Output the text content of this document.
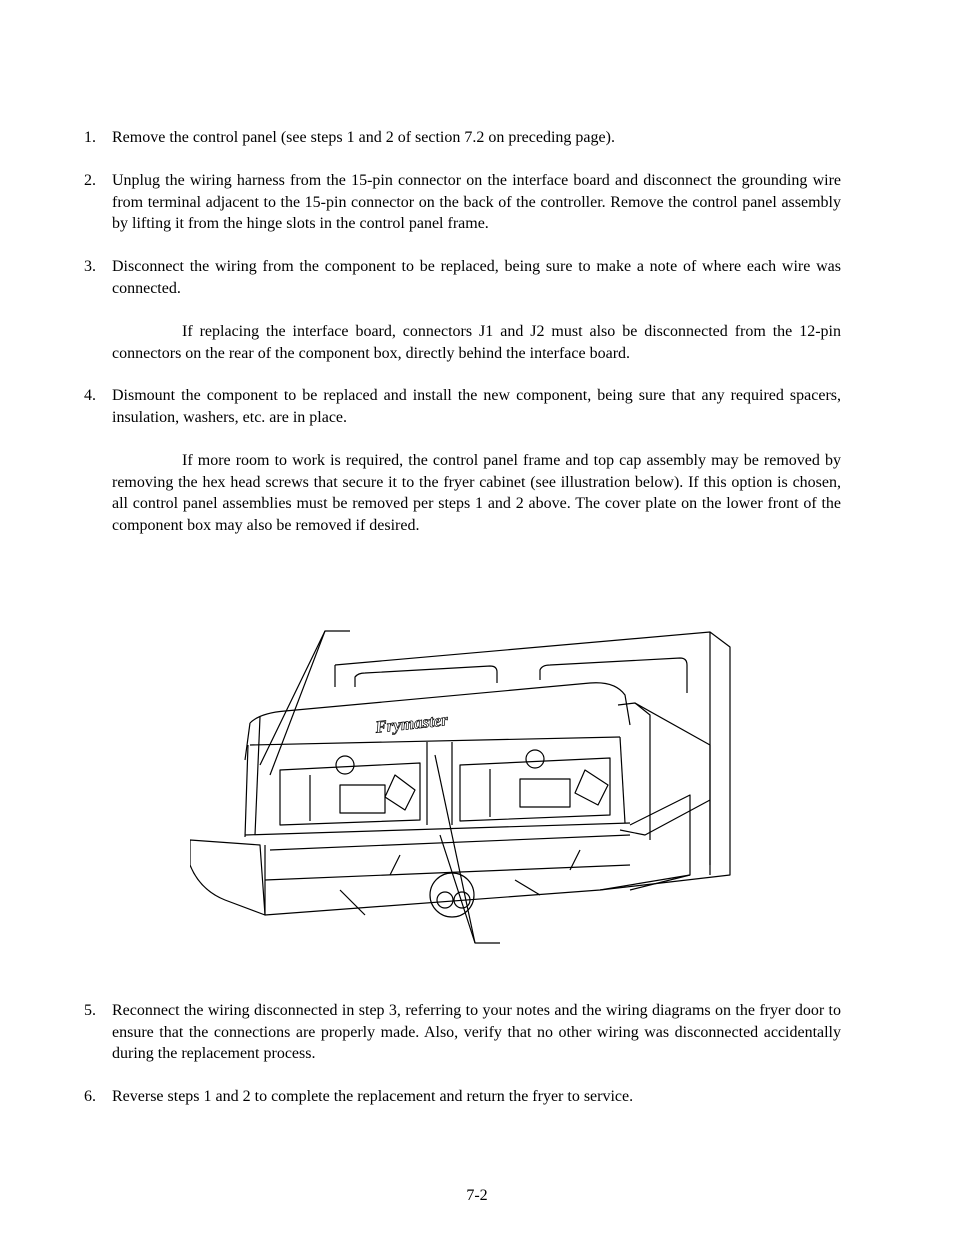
1.	Remove the control panel (see steps 1 and 2 of section 7.2 on preceding page).
2.	Unplug the wiring harness from the 15-pin connector on the interface board and disconnect the grounding wire from terminal adjacent to the 15-pin connector on the back of the controller. Remove the control panel assembly by lifting it from the hinge slots in the control panel frame.
3.	Disconnect the wiring from the component to be replaced, being sure to make a note of where each wire was connected.
If replacing the interface board, connectors J1 and J2 must also be disconnected from the 12-pin connectors on the rear of the component box, directly behind the interface board.
4.	Dismount the component to be replaced and install the new component, being sure that any required spacers, insulation, washers, etc. are in place.
If more room to work is required, the control panel frame and top cap assembly may be removed by removing the hex head screws that secure it to the fryer cabinet (see illustration below). If this option is chosen, all control panel assemblies must be removed per steps 1 and 2 above. The cover plate on the lower front of the component box may also be removed if desired.
Frymaster
5.	Reconnect the wiring disconnected in step 3, referring to your notes and the wiring diagrams on the fryer door to ensure that the connections are properly made. Also, verify that no other wiring was disconnected accidentally during the replacement process.
6.	Reverse steps 1 and 2 to complete the replacement and return the fryer to service.
7-2
